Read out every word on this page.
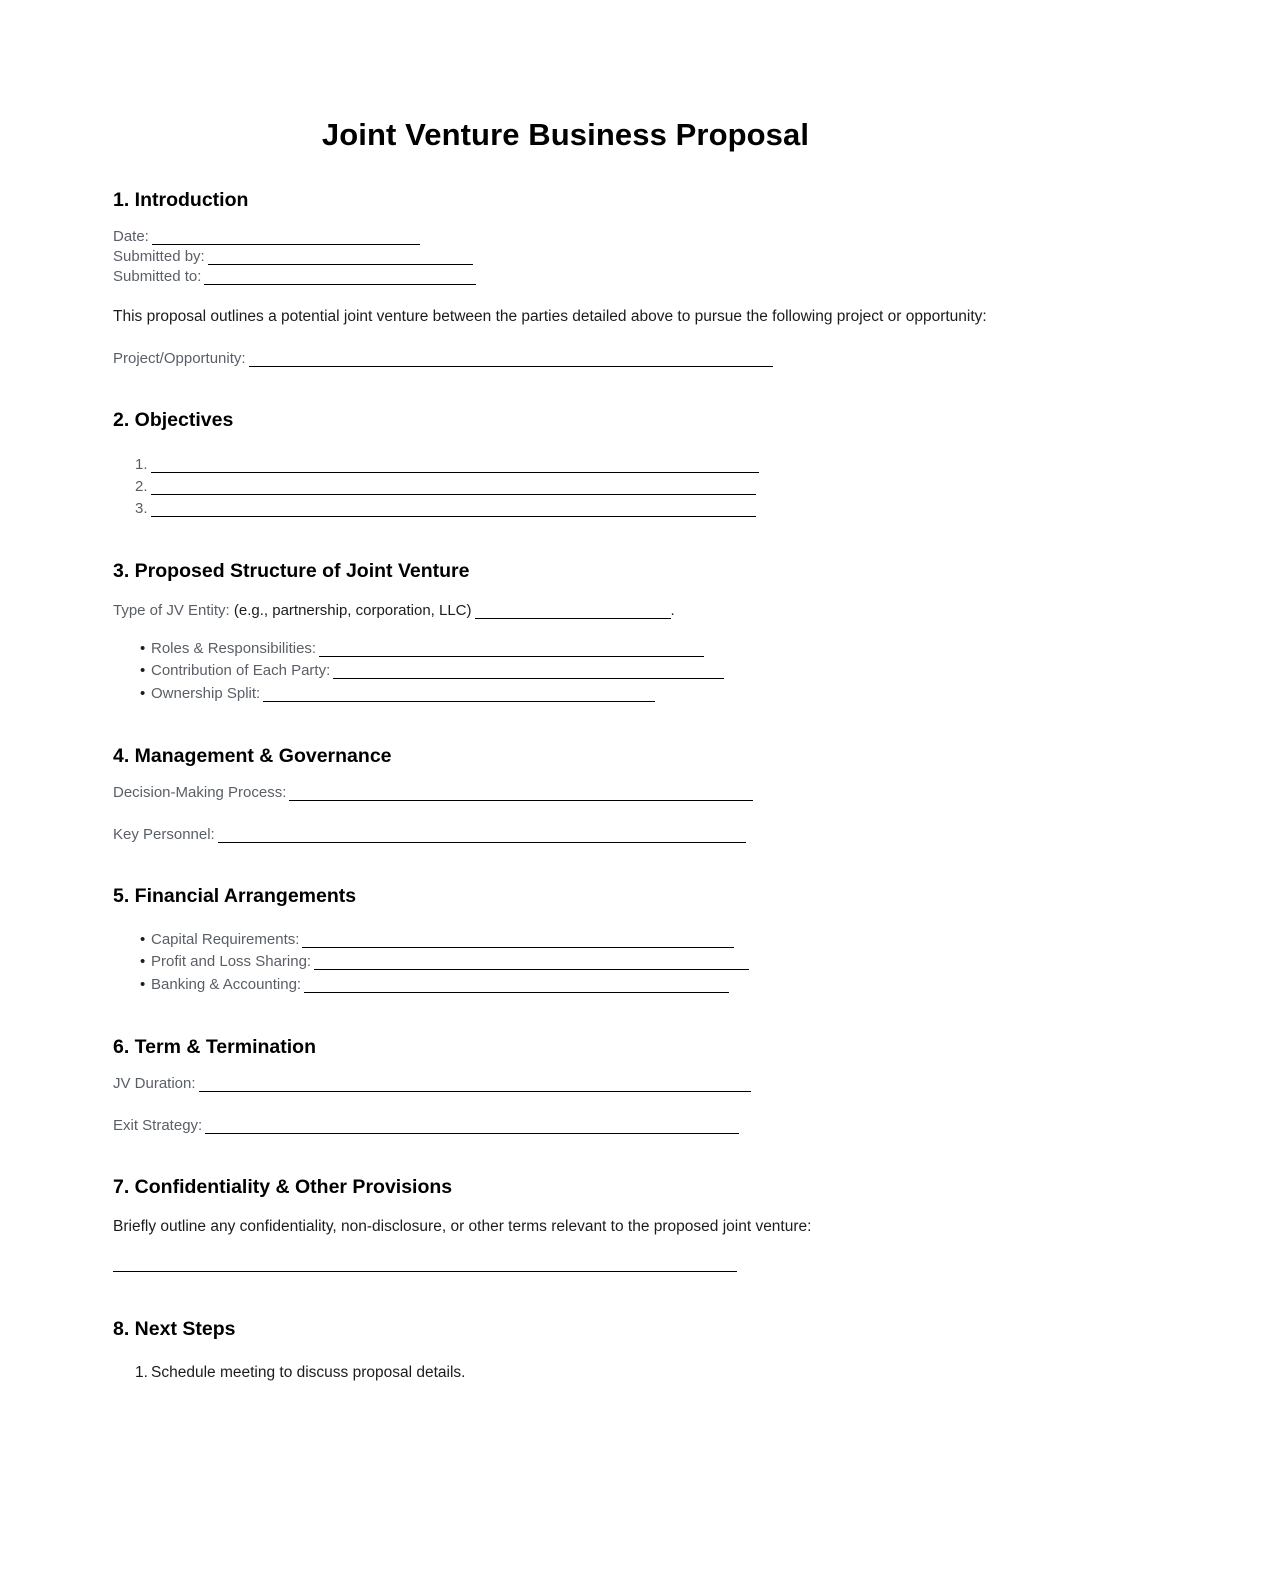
Joint Venture Business Proposal
1. Introduction
Date:
Submitted by:
Submitted to:

This proposal outlines a potential joint venture between the parties detailed above to pursue the following project or opportunity:

Project/Opportunity:
2. Objectives
1.
2.
3.
3. Proposed Structure of Joint Venture
Type of JV Entity: (e.g., partnership, corporation, LLC)	.
• Roles & Responsibilities:
• Contribution of Each Party:
• Ownership Split:
4. Management & Governance
Decision-Making Process:
Key Personnel:
5. Financial Arrangements
• Capital Requirements:
• Profit and Loss Sharing:
• Banking & Accounting:
6. Term & Termination
JV Duration:
Exit Strategy:
7. Confidentiality & Other Provisions

Briefly outline any confidentiality, non-disclosure, or other terms relevant to the proposed joint venture:

8. Next Steps
1. Schedule meeting to discuss proposal details.
